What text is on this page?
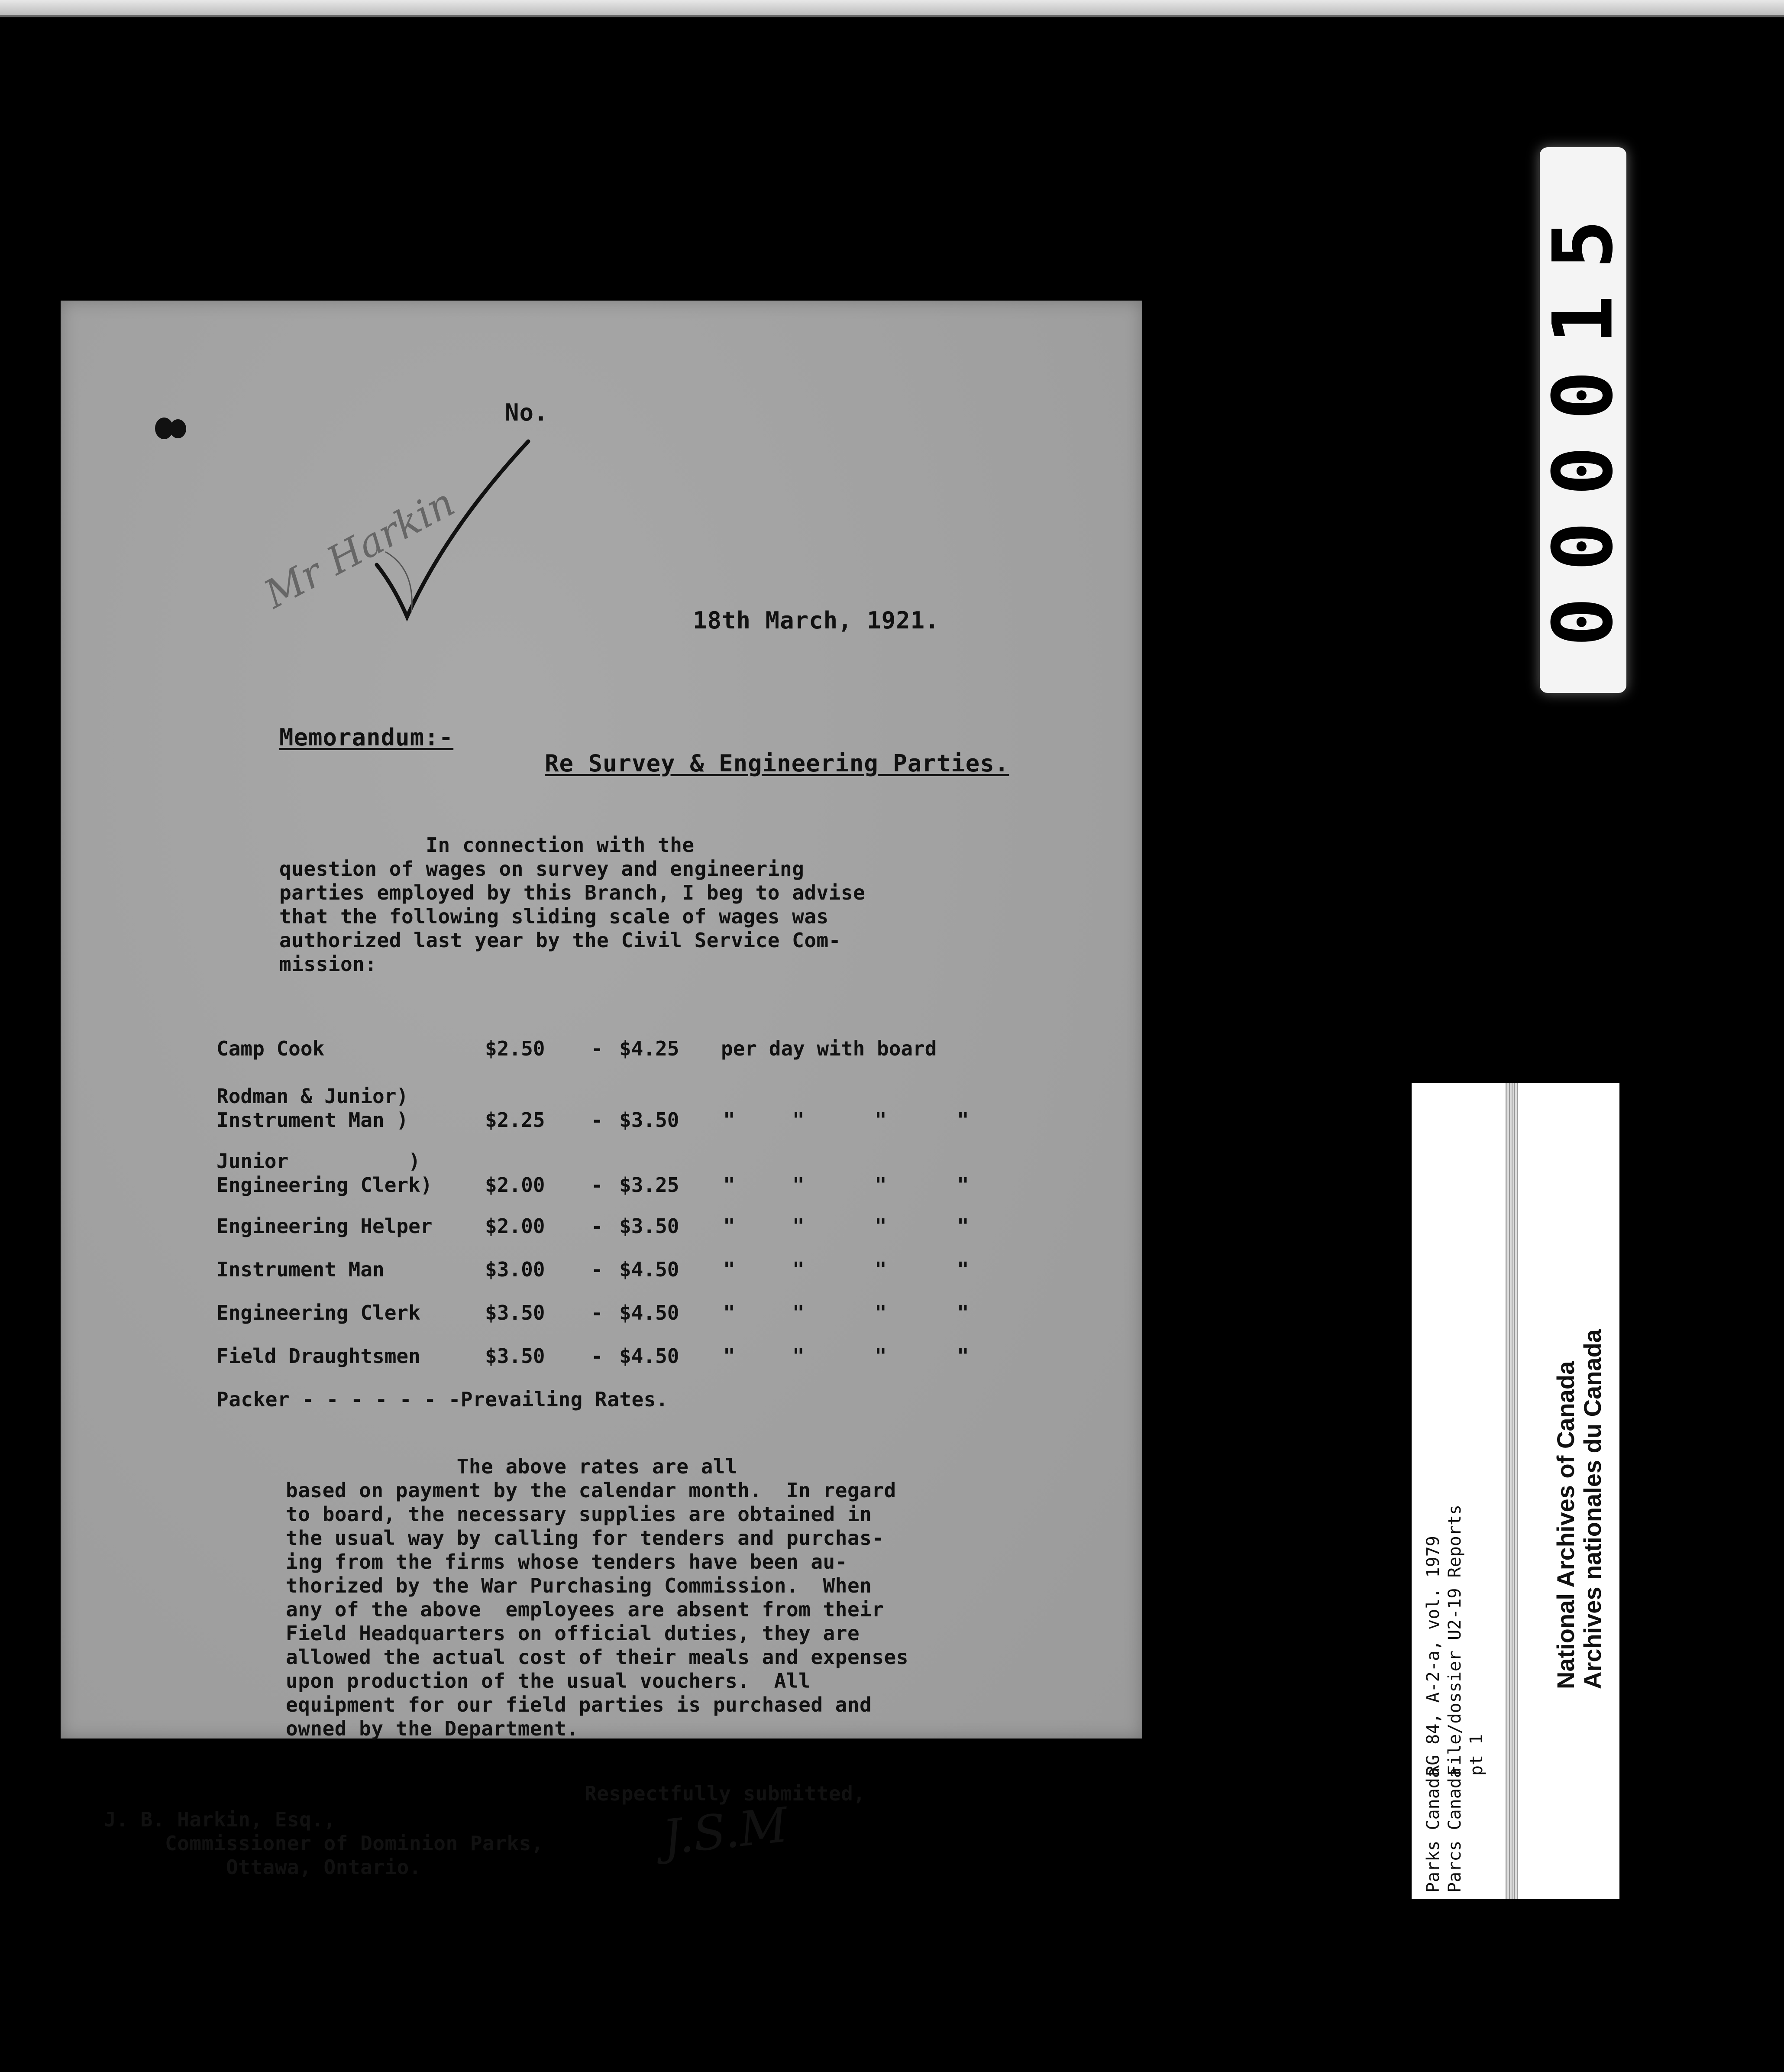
Mr Harkin
No.
18th March, 1921.
Memorandum:-
Re Survey & Engineering Parties.
In connection with the
question of wages on survey and engineering
parties employed by this Branch, I beg to advise
that the following sliding scale of wages was
authorized last year by the Civil Service Com-
mission:
Camp Cook	$2.50 - $4.25 per day with board
Rodman & Junior)
Instrument Man )	$2.25 - $3.50 "	"	"	"
Junior          )
Engineering Clerk)	$2.00 - $3.25 "	"	"	"
Engineering Helper	$2.00 - $3.50 "	"	"	"
Instrument Man	$3.00 - $4.50 "	"	"	"
Engineering Clerk	$3.50 - $4.50 "	"	"	"
Field Draughtsmen	$3.50 - $4.50 "	"	"	"
Packer - - - - - - -Prevailing Rates.
The above rates are all
based on payment by the calendar month.  In regard
to board, the necessary supplies are obtained in
the usual way by calling for tenders and purchas-
ing from the firms whose tenders have been au-
thorized by the War Purchasing Commission.  When
any of the above  employees are absent from their
Field Headquarters on official duties, they are
allowed the actual cost of their meals and expenses
upon production of the usual vouchers.  All
equipment for our field parties is purchased and
owned by the Department.
Respectfully submitted,
J. B. Harkin, Esq.,
Commissioner of Dominion Parks,
Ottawa, Ontario.
J.S.M
000015
RG 84, A-2-a, vol. 1979
File/dossier U2-19 Reports
pt 1
Parks Canada
Parcs Canada
National Archives of Canada Archives nationales du Canada
